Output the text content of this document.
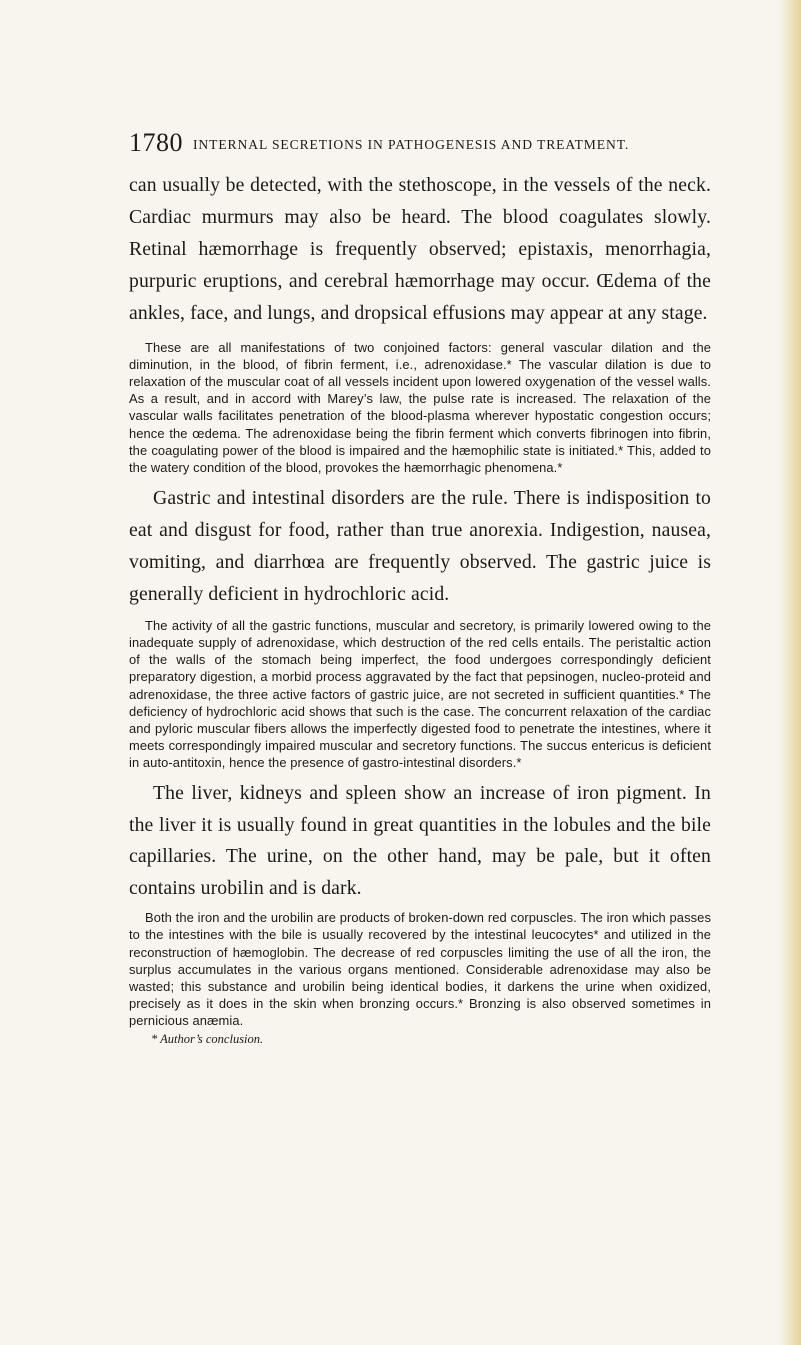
1780 INTERNAL SECRETIONS IN PATHOGENESIS AND TREATMENT.

can usually be detected, with the stethoscope, in the vessels of the neck. Cardiac murmurs may also be heard. The blood coagulates slowly. Retinal hæmorrhage is frequently observed; epistaxis, menorrhagia, purpuric eruptions, and cerebral hæmorrhage may occur. Œdema of the ankles, face, and lungs, and dropsical effusions may appear at any stage.

These are all manifestations of two conjoined factors: general vascular dilation and the diminution, in the blood, of fibrin ferment, i.e., adrenoxidase.* The vascular dilation is due to relaxation of the muscular coat of all vessels incident upon lowered oxygenation of the vessel walls. As a result, and in accord with Marey’s law, the pulse rate is increased. The relaxation of the vascular walls facilitates penetration of the blood-plasma wherever hypostatic congestion occurs; hence the œdema. The adrenoxidase being the fibrin ferment which converts fibrinogen into fibrin, the coagulating power of the blood is impaired and the hæmophilic state is initiated.* This, added to the watery condition of the blood, provokes the hæmorrhagic phenomena.*

Gastric and intestinal disorders are the rule. There is indisposition to eat and disgust for food, rather than true anorexia. Indigestion, nausea, vomiting, and diarrhœa are frequently observed. The gastric juice is generally deficient in hydrochloric acid.

The activity of all the gastric functions, muscular and secretory, is primarily lowered owing to the inadequate supply of adrenoxidase, which destruction of the red cells entails. The peristaltic action of the walls of the stomach being imperfect, the food undergoes correspondingly deficient preparatory digestion, a morbid process aggravated by the fact that pepsinogen, nucleo-proteid and adrenoxidase, the three active factors of gastric juice, are not secreted in sufficient quantities.* The deficiency of hydrochloric acid shows that such is the case. The concurrent relaxation of the cardiac and pyloric muscular fibers allows the imperfectly digested food to penetrate the intestines, where it meets correspondingly impaired muscular and secretory functions. The succus entericus is deficient in auto-antitoxin, hence the presence of gastro-intestinal disorders.*

The liver, kidneys and spleen show an increase of iron pigment. In the liver it is usually found in great quantities in the lobules and the bile capillaries. The urine, on the other hand, may be pale, but it often contains urobilin and is dark.

Both the iron and the urobilin are products of broken-down red corpuscles. The iron which passes to the intestines with the bile is usually recovered by the intestinal leucocytes* and utilized in the reconstruction of hæmoglobin. The decrease of red corpuscles limiting the use of all the iron, the surplus accumulates in the various organs mentioned. Considerable adrenoxidase may also be wasted; this substance and urobilin being identical bodies, it darkens the urine when oxidized, precisely as it does in the skin when bronzing occurs.* Bronzing is also observed sometimes in pernicious anæmia.

* Author’s conclusion.
